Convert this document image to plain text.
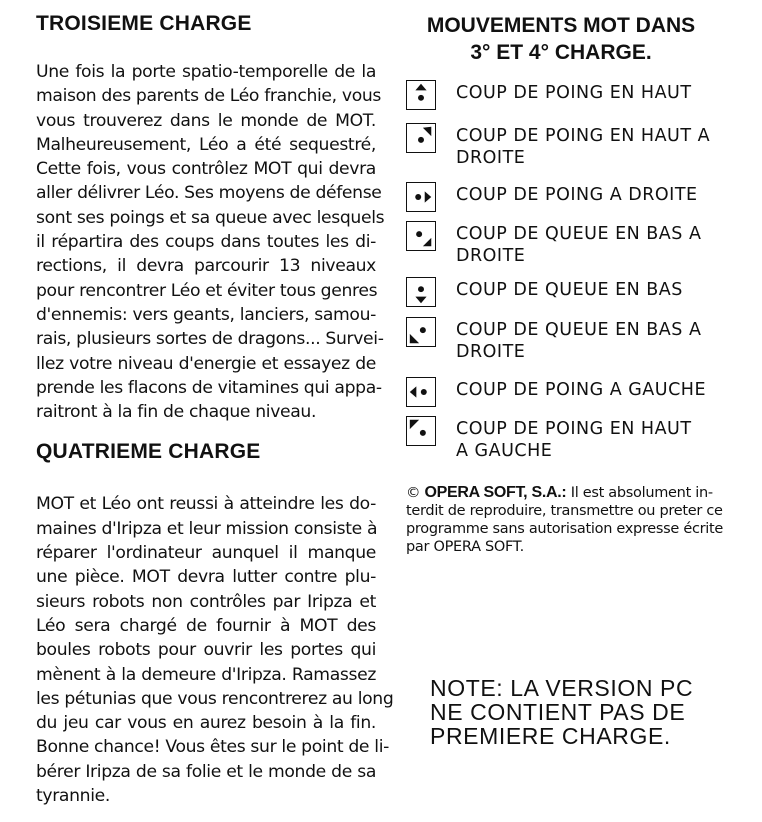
TROISIEME CHARGE

Une fois la porte spatio-temporelle de la
maison des parents de Léo franchie, vous
vous trouverez dans le monde de MOT.
Malheureusement, Léo a été sequestré,
Cette fois, vous contrôlez MOT qui devra
aller délivrer Léo. Ses moyens de défense
sont ses poings et sa queue avec lesquels
il répartira des coups dans toutes les di-
rections, il devra parcourir 13 niveaux
pour rencontrer Léo et éviter tous genres
d'ennemis: vers geants, lanciers, samou-
rais, plusieurs sortes de dragons... Survei-
llez votre niveau d'energie et essayez de
prende les flacons de vitamines qui appa-
raitront à la fin de chaque niveau.

QUATRIEME CHARGE

MOT et Léo ont reussi à atteindre les do-
maines d'Iripza et leur mission consiste à
réparer l'ordinateur aunquel il manque
une pièce. MOT devra lutter contre plu-
sieurs robots non contrôles par Iripza et
Léo sera chargé de fournir à MOT des
boules robots pour ouvrir les portes qui
mènent à la demeure d'Iripza. Ramassez
les pétunias que vous rencontrerez au long
du jeu car vous en aurez besoin à la fin.
Bonne chance! Vous êtes sur le point de li-
bérer Iripza de sa folie et le monde de sa
tyrannie.

MOUVEMENTS MOT DANS
3° ET 4° CHARGE.
COUP DE POING EN HAUT
COUP DE POING EN HAUT A
DROITE
COUP DE POING A DROITE
COUP DE QUEUE EN BAS A
DROITE
COUP DE QUEUE EN BAS
COUP DE QUEUE EN BAS A
DROITE
COUP DE POING A GAUCHE
COUP DE POING EN HAUT
A GAUCHE

© OPERA SOFT, S.A.: Il est absolument in-
terdit de reproduire, transmettre ou preter ce
programme sans autorisation expresse écrite
par OPERA SOFT.

NOTE: LA VERSION PC
NE CONTIENT PAS DE
PREMIERE CHARGE.
